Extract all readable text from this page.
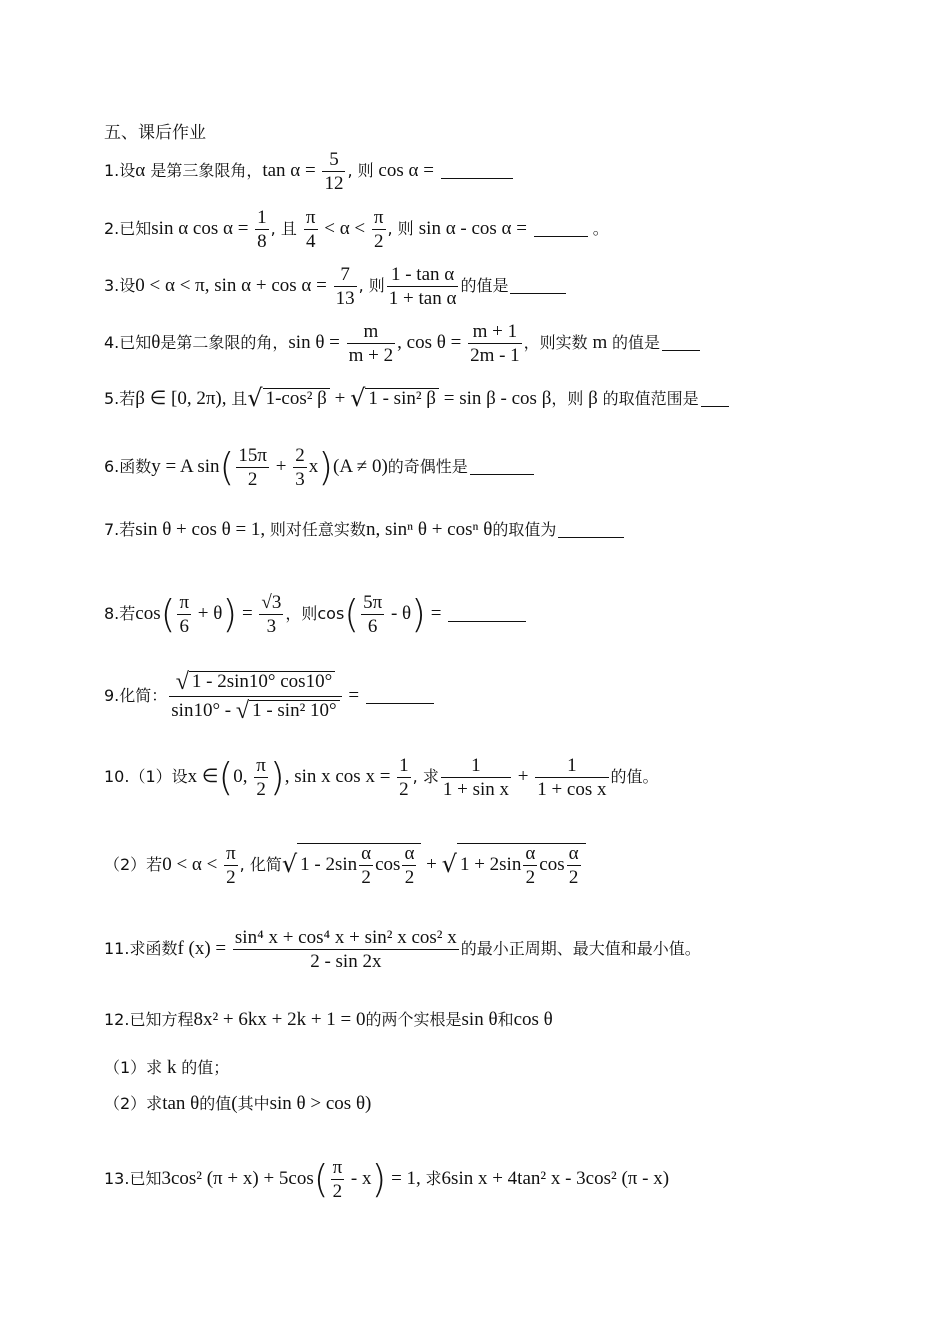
五、课后作业
1.设α 是第三象限角，$\tan \alpha = \frac{5}{12}$ , 则 cos α =
2.已知sin α $\cos \alpha = \frac{1}{8}$ , 且 $\frac{\pi}{4} < \alpha < \frac{\pi}{2}$ , 则 sin α - cos α =	。
3.设0 < α < π, $\sin \alpha + \cos \alpha = \frac{7}{13}$ , 则 $\frac{\text{1 - tan α}}{\text{1 + tan α}}$ 的值是
4.已知θ是第二象限的角，$\sin \theta = \frac{m}{m + 2}$ , $\cos \theta = \frac{m + 1}{2m - 1}$ ，则实数 m 的值是
5.若β ∈ [0, 2π), 且√ 1-cos² β + √ 1 - sin² β = sin β - cos β，则 β 的取值范围是
6.函数y = A $\sin( \frac{15\pi}{2} + \frac{2}{3} x)(A \ne 0)$的奇偶性是
7.若sin θ + cos θ = 1, 则对任意实数n, sinⁿ θ + cosⁿ θ的取值为
8.若$\cos( \frac{\pi}{6} + \theta) = \frac{√3}{3}$ ，则$\cos( \frac{5\pi}{6} - \theta)$ =
9.化简： $\frac{√ 1 - 2\sin 10^\circ \cos 10^\circ}{\text{sin10° - √ 1 - sin² 10°}}$ =
10.（1）设x ∈(0, $\frac{\pi}{2}$ ), sin x $\cos x = \frac{1}{2}$ , 求 $\frac{1}{\text{1 + sin x}} + \frac{1}{\text{1 + cos x}}$ 的值。
（2）若$0 < \alpha < \frac{\pi}{2}$ , 化简√ $1 - 2\sin \frac{\alpha}{2}$ $\cos \frac{\alpha}{2}$ + √ $1 + 2\sin \frac{\alpha}{2}$ $\cos \frac{\alpha}{2}$
11.求函数f $(x) = \frac{\text{sin⁴ x + cos⁴ x + sin² x cos² x}}{2 - \sin 2x}$ 的最小正周期、最大值和最小值。
12.已知方程8x² + 6kx + 2k + 1 = 0的两个实根是sin θ和cos θ
（1）求 k 的值；
（2）求tan θ的值(其中sin θ > cos θ)
13.已知3cos² $(\pi + x) + 5\cos( \frac{\pi}{2} - x) = 1$, 求6sin x + 4tan² x - 3cos² (π - x)
